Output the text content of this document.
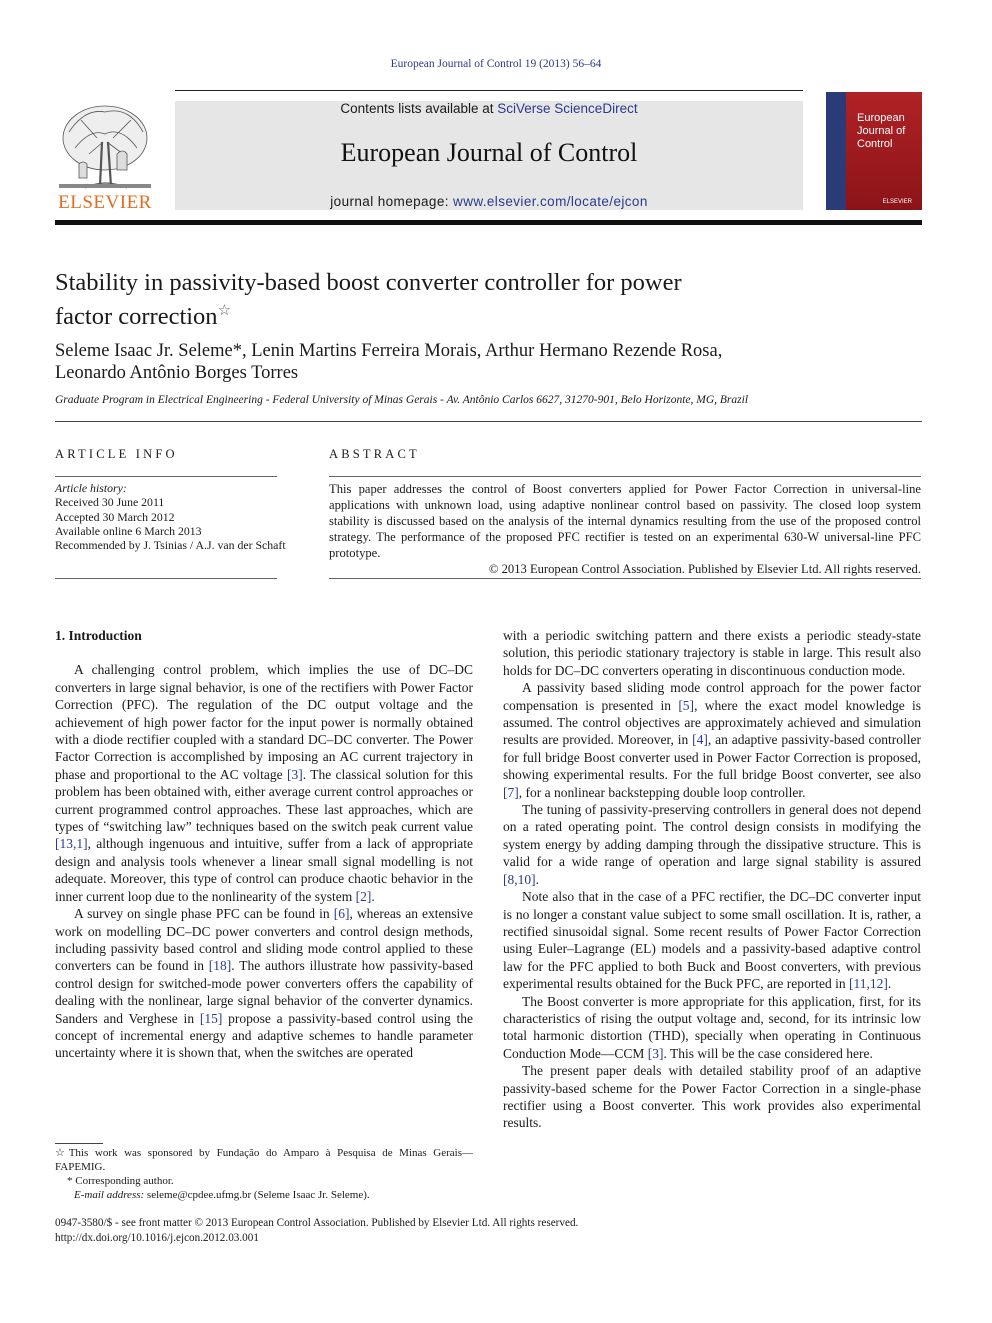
European Journal of Control 19 (2013) 56–64
ELSEVIER
Contents lists available at SciVerse ScienceDirect
European Journal of Control
journal homepage: www.elsevier.com/locate/ejcon
European Journal of Control
ELSEVIER
Stability in passivity-based boost converter controller for power
factor correction☆
Seleme Isaac Jr. Seleme*, Lenin Martins Ferreira Morais, Arthur Hermano Rezende Rosa,
Leonardo Antônio Borges Torres
Graduate Program in Electrical Engineering - Federal University of Minas Gerais - Av. Antônio Carlos 6627, 31270-901, Belo Horizonte, MG, Brazil
ARTICLE INFO
Article history:
Received 30 June 2011
Accepted 30 March 2012
Available online 6 March 2013
Recommended by J. Tsinias / A.J. van der Schaft
ABSTRACT
This paper addresses the control of Boost converters applied for Power Factor Correction in universal-line applications with unknown load, using adaptive nonlinear control based on passivity. The closed loop system stability is discussed based on the analysis of the internal dynamics resulting from the use of the proposed control strategy. The performance of the proposed PFC rectifier is tested on an experimental 630-W universal-line PFC prototype.
© 2013 European Control Association. Published by Elsevier Ltd. All rights reserved.

1. Introduction

A challenging control problem, which implies the use of DC–DC converters in large signal behavior, is one of the rectifiers with Power Factor Correction (PFC). The regulation of the DC output voltage and the achievement of high power factor for the input power is normally obtained with a diode rectifier coupled with a standard DC–DC converter. The Power Factor Correction is accomplished by imposing an AC current trajectory in phase and proportional to the AC voltage [3]. The classical solution for this problem has been obtained with, either average current control approaches or current programmed control approaches. These last approaches, which are types of “switching law” techniques based on the switch peak current value [13,1], although ingenuous and intuitive, suffer from a lack of appropriate design and analysis tools whenever a linear small signal modelling is not adequate. Moreover, this type of control can produce chaotic behavior in the inner current loop due to the nonlinearity of the system [2].

A survey on single phase PFC can be found in [6], whereas an extensive work on modelling DC–DC power converters and control design methods, including passivity based control and sliding mode control applied to these converters can be found in [18]. The authors illustrate how passivity-based control design for switched-mode power converters offers the capability of dealing with the nonlinear, large signal behavior of the converter dynamics. Sanders and Verghese in [15] propose a passivity-based control using the concept of incremental energy and adaptive schemes to handle parameter uncertainty where it is shown that, when the switches are operated

with a periodic switching pattern and there exists a periodic steady-state solution, this periodic stationary trajectory is stable in large. This result also holds for DC–DC converters operating in discontinuous conduction mode.

A passivity based sliding mode control approach for the power factor compensation is presented in [5], where the exact model knowledge is assumed. The control objectives are approximately achieved and simulation results are provided. Moreover, in [4], an adaptive passivity-based controller for full bridge Boost converter used in Power Factor Correction is proposed, showing experimental results. For the full bridge Boost converter, see also [7], for a nonlinear backstepping double loop controller.

The tuning of passivity-preserving controllers in general does not depend on a rated operating point. The control design consists in modifying the system energy by adding damping through the dissipative structure. This is valid for a wide range of operation and large signal stability is assured [8,10].

Note also that in the case of a PFC rectifier, the DC–DC converter input is no longer a constant value subject to some small oscillation. It is, rather, a rectified sinusoidal signal. Some recent results of Power Factor Correction using Euler–Lagrange (EL) models and a passivity-based adaptive control law for the PFC applied to both Buck and Boost converters, with previous experimental results obtained for the Buck PFC, are reported in [11,12].

The Boost converter is more appropriate for this application, first, for its characteristics of rising the output voltage and, second, for its intrinsic low total harmonic distortion (THD), specially when operating in Continuous Conduction Mode—CCM [3]. This will be the case considered here.

The present paper deals with detailed stability proof of an adaptive passivity-based scheme for the Power Factor Correction in a single-phase rectifier using a Boost converter. This work provides also experimental results.

☆This work was sponsored by Fundação do Amparo à Pesquisa de Minas Gerais—FAPEMIG.
* Corresponding author.
E-mail address: seleme@cpdee.ufmg.br (Seleme Isaac Jr. Seleme).
0947-3580/$ - see front matter © 2013 European Control Association. Published by Elsevier Ltd. All rights reserved.
http://dx.doi.org/10.1016/j.ejcon.2012.03.001
